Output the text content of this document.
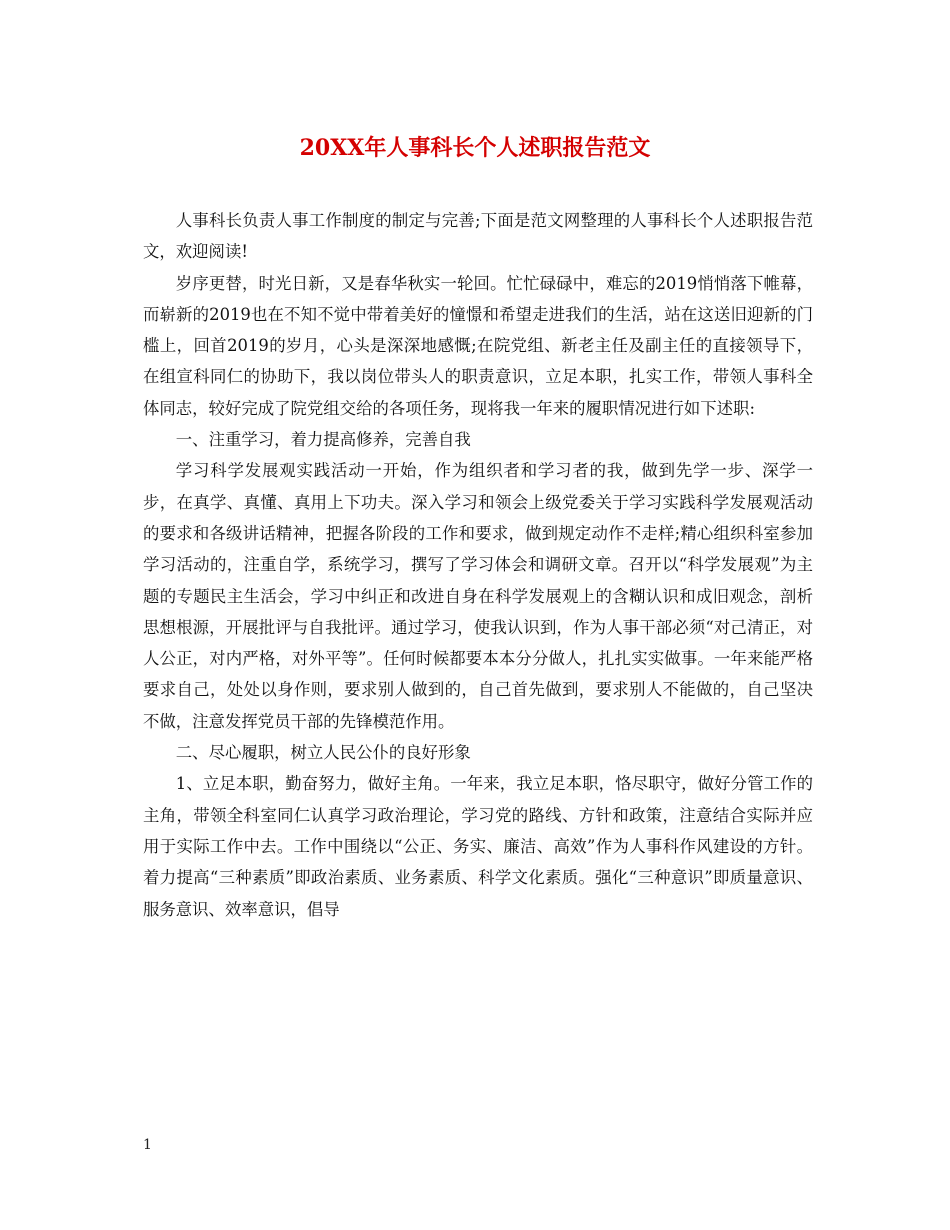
20XX年人事科长个人述职报告范文

人事科长负责人事工作制度的制定与完善;下面是范文网整理的人事科长个人述职报告范文，欢迎阅读!

岁序更替，时光日新，又是春华秋实一轮回。忙忙碌碌中，难忘的2019悄悄落下帷幕，而崭新的2019也在不知不觉中带着美好的憧憬和希望走进我们的生活，站在这送旧迎新的门槛上，回首2019的岁月，心头是深深地感慨;在院党组、新老主任及副主任的直接领导下，在组宣科同仁的协助下，我以岗位带头人的职责意识，立足本职，扎实工作，带领人事科全体同志，较好完成了院党组交给的各项任务，现将我一年来的履职情况进行如下述职:

一、注重学习，着力提高修养，完善自我

学习科学发展观实践活动一开始，作为组织者和学习者的我，做到先学一步、深学一步，在真学、真懂、真用上下功夫。深入学习和领会上级党委关于学习实践科学发展观活动的要求和各级讲话精神，把握各阶段的工作和要求，做到规定动作不走样;精心组织科室参加学习活动的，注重自学，系统学习，撰写了学习体会和调研文章。召开以“科学发展观”为主题的专题民主生活会，学习中纠正和改进自身在科学发展观上的含糊认识和成旧观念，剖析思想根源，开展批评与自我批评。通过学习，使我认识到，作为人事干部必须“对己清正，对人公正，对内严格，对外平等”。任何时候都要本本分分做人，扎扎实实做事。一年来能严格要求自己，处处以身作则，要求别人做到的，自己首先做到，要求别人不能做的，自己坚决不做，注意发挥党员干部的先锋模范作用。

二、尽心履职，树立人民公仆的良好形象

1、立足本职，勤奋努力，做好主角。一年来，我立足本职，恪尽职守，做好分管工作的主角，带领全科室同仁认真学习政治理论，学习党的路线、方针和政策，注意结合实际并应用于实际工作中去。工作中围绕以“公正、务实、廉洁、高效”作为人事科作风建设的方针。着力提高“三种素质”即政治素质、业务素质、科学文化素质。强化“三种意识”即质量意识、服务意识、效率意识，倡导

1
